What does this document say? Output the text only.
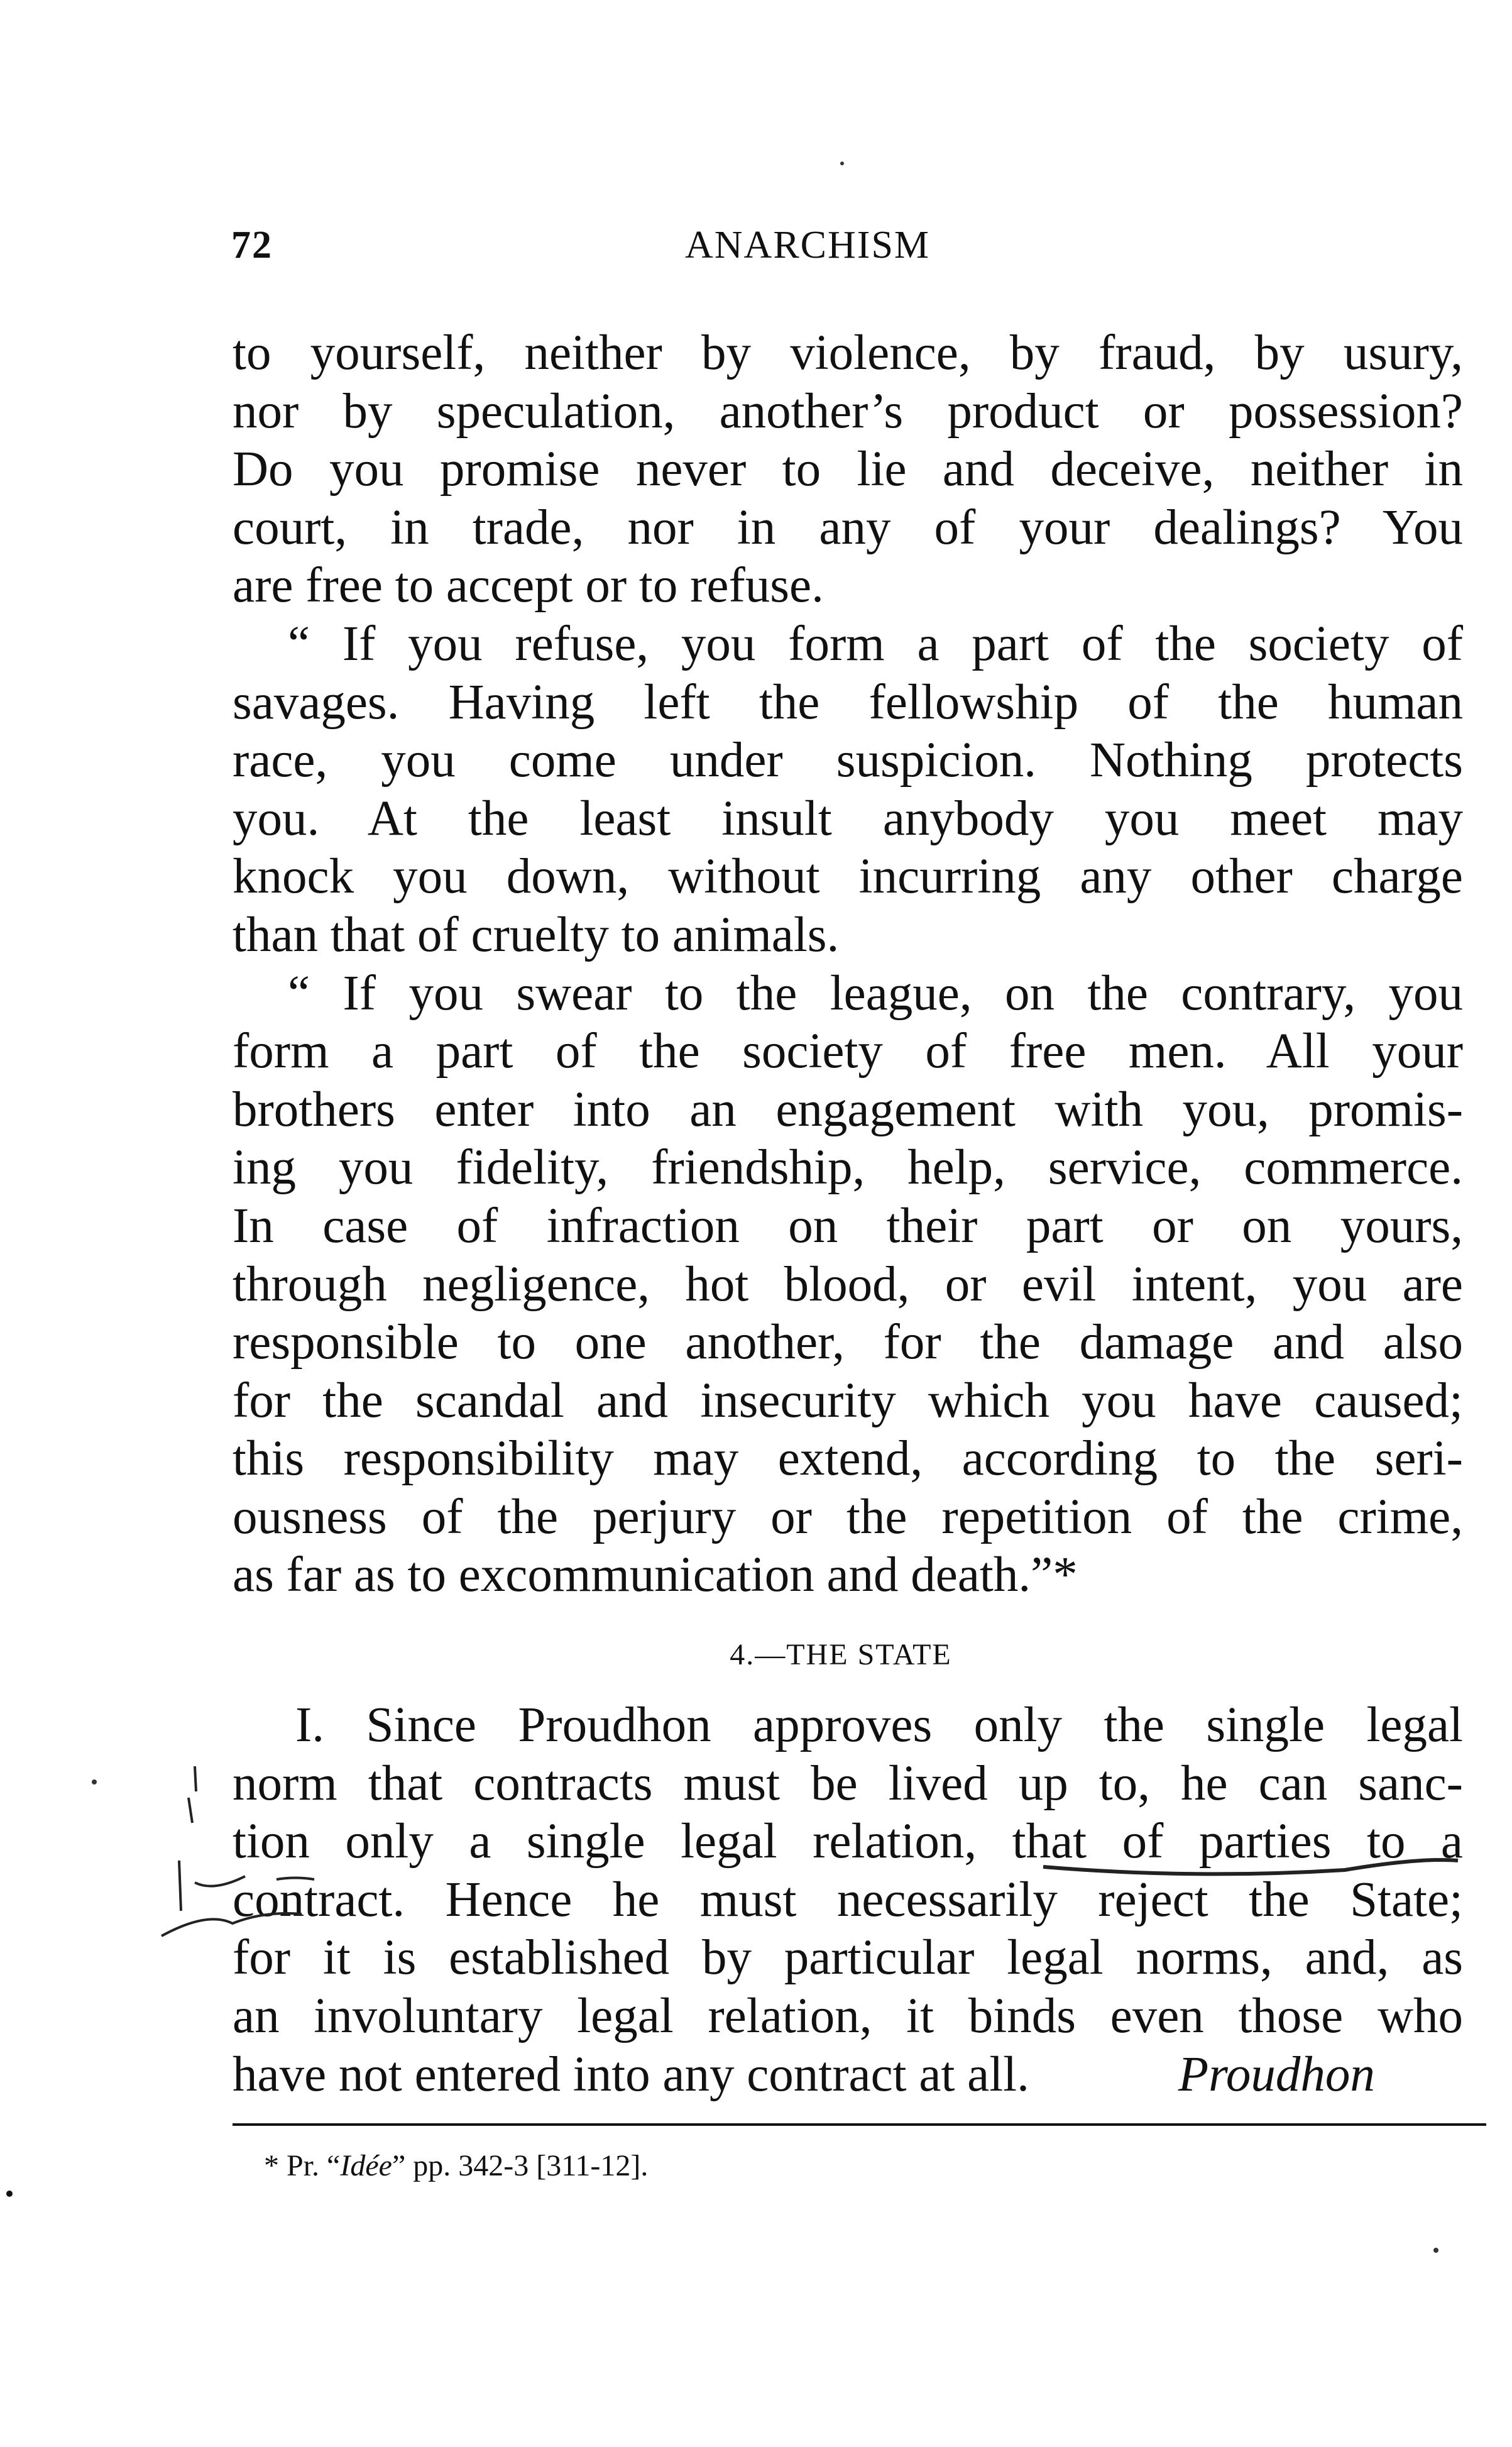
72	ANARCHISM
to yourself, neither by violence, by fraud, by usury,
nor by speculation, another’s product or possession?
Do you promise never to lie and deceive, neither in
court, in trade, nor in any of your dealings? You
are free to accept or to refuse.
“ If you refuse, you form a part of the society of
savages. Having left the fellowship of the human
race, you come under suspicion. Nothing protects
you. At the least insult anybody you meet may
knock you down, without incurring any other charge
than that of cruelty to animals.
“ If you swear to the league, on the contrary, you
form a part of the society of free men. All your
brothers enter into an engagement with you, promis-
ing you fidelity, friendship, help, service, commerce.
In case of infraction on their part or on yours,
through negligence, hot blood, or evil intent, you are
responsible to one another, for the damage and also
for the scandal and insecurity which you have caused;
this responsibility may extend, according to the seri-
ousness of the perjury or the repetition of the crime,
as far as to excommunication and death.”*
4.—THE STATE
I. Since Proudhon approves only the single legal
norm that contracts must be lived up to, he can sanc-
tion only a single legal relation, that of parties to a
contract. Hence he must necessarily reject the State;
for it is established by particular legal norms, and, as
an involuntary legal relation, it binds even those who
have not entered into any contract at all.	Proudhon
* Pr. “Idée” pp. 342-3 [311-12].
